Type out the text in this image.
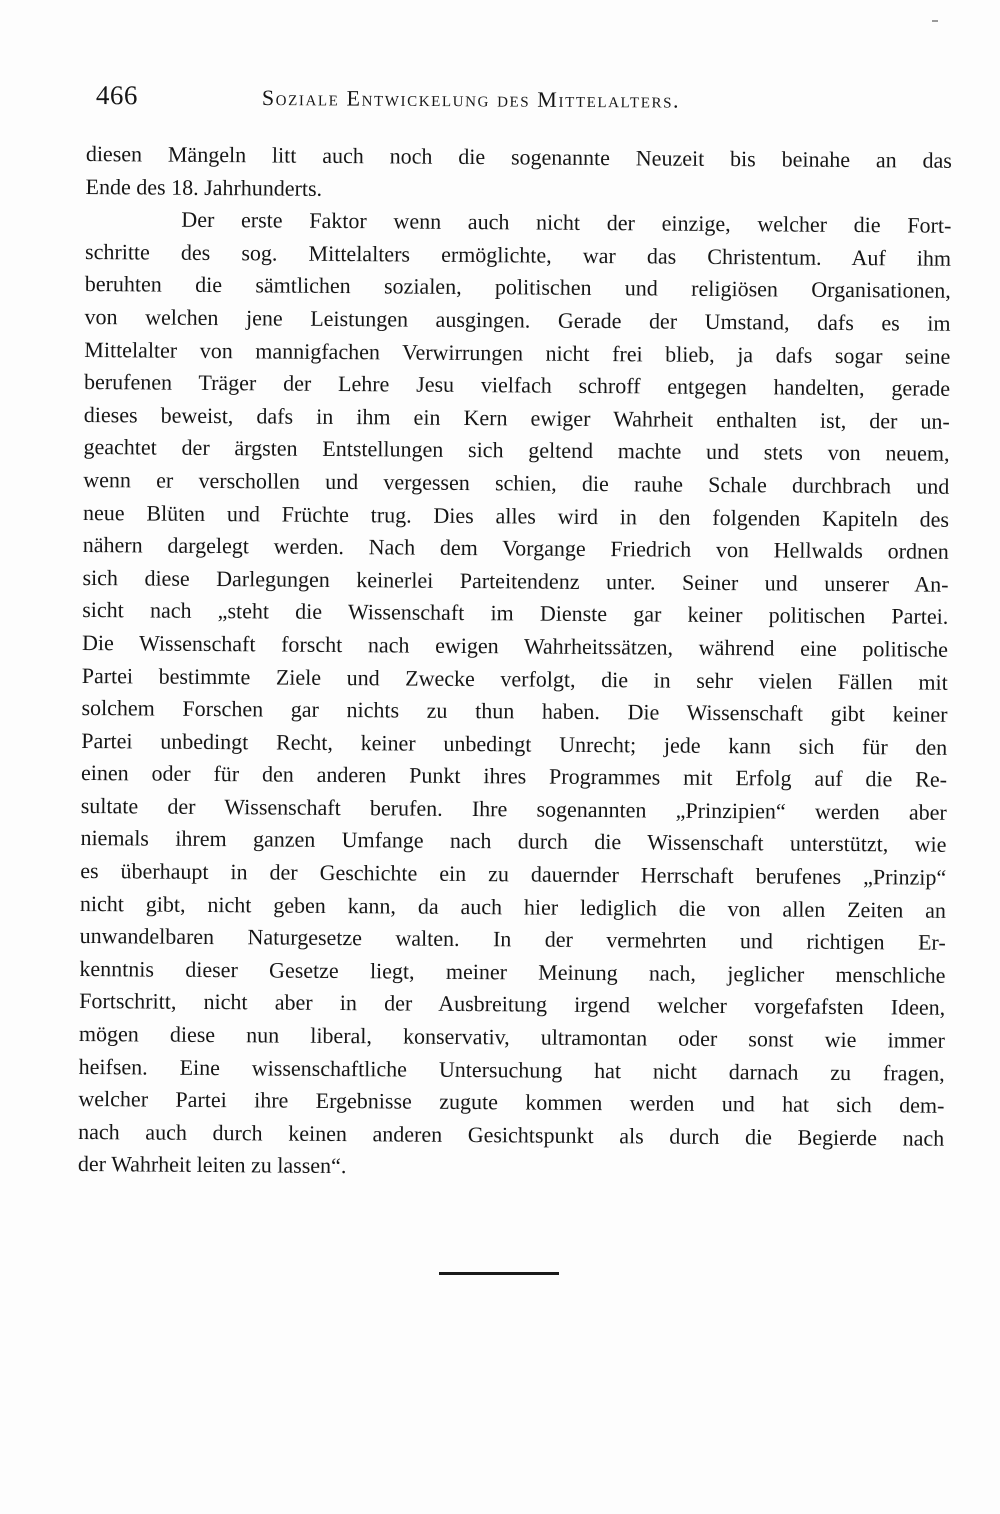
466	Soziale Entwickelung des Mittelalters.
diesen Mängeln litt auch noch die sogenannte Neuzeit bis beinahe an das
Ende des 18. Jahrhunderts.
Der erste Faktor wenn auch nicht der einzige, welcher die Fort-
schritte des sog. Mittelalters ermöglichte, war das Christentum. Auf ihm
beruhten die sämtlichen sozialen, politischen und religiösen Organisationen,
von welchen jene Leistungen ausgingen. Gerade der Umstand, dafs es im
Mittelalter von mannigfachen Verwirrungen nicht frei blieb, ja dafs sogar seine
berufenen Träger der Lehre Jesu vielfach schroff entgegen handelten, gerade
dieses beweist, dafs in ihm ein Kern ewiger Wahrheit enthalten ist, der un-
geachtet der ärgsten Entstellungen sich geltend machte und stets von neuem,
wenn er verschollen und vergessen schien, die rauhe Schale durchbrach und
neue Blüten und Früchte trug. Dies alles wird in den folgenden Kapiteln des
nähern dargelegt werden. Nach dem Vorgange Friedrich von Hellwalds ordnen
sich diese Darlegungen keinerlei Parteitendenz unter. Seiner und unserer An-
sicht nach „steht die Wissenschaft im Dienste gar keiner politischen Partei.
Die Wissenschaft forscht nach ewigen Wahrheitssätzen, während eine politische
Partei bestimmte Ziele und Zwecke verfolgt, die in sehr vielen Fällen mit
solchem Forschen gar nichts zu thun haben. Die Wissenschaft gibt keiner
Partei unbedingt Recht, keiner unbedingt Unrecht; jede kann sich für den
einen oder für den anderen Punkt ihres Programmes mit Erfolg auf die Re-
sultate der Wissenschaft berufen. Ihre sogenannten „Prinzipien“ werden aber
niemals ihrem ganzen Umfange nach durch die Wissenschaft unterstützt, wie
es überhaupt in der Geschichte ein zu dauernder Herrschaft berufenes „Prinzip“
nicht gibt, nicht geben kann, da auch hier lediglich die von allen Zeiten an
unwandelbaren Naturgesetze walten. In der vermehrten und richtigen Er-
kenntnis dieser Gesetze liegt, meiner Meinung nach, jeglicher menschliche
Fortschritt, nicht aber in der Ausbreitung irgend welcher vorgefafsten Ideen,
mögen diese nun liberal, konservativ, ultramontan oder sonst wie immer
heifsen. Eine wissenschaftliche Untersuchung hat nicht darnach zu fragen,
welcher Partei ihre Ergebnisse zugute kommen werden und hat sich dem-
nach auch durch keinen anderen Gesichtspunkt als durch die Begierde nach
der Wahrheit leiten zu lassen“.
